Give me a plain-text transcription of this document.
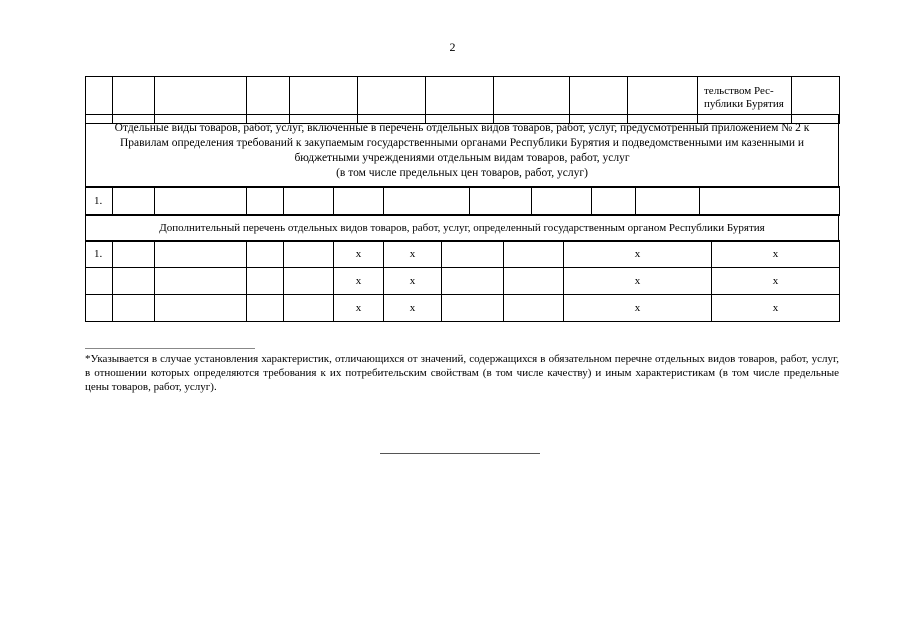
2
										тельством Рес-
публики Бурятия	
Отдельные виды товаров, работ, услуг, включенные в перечень отдельных видов товаров, работ, услуг, предусмотренный приложением № 2 к Правилам определения требований к закупаемым государственными органами Республики Бурятия и подведомственными им казенными и бюджетными учреждениями отдельным видам товаров, работ, услуг
(в том числе предельных цен товаров, работ, услуг)
1.											
Дополнительный перечень отдельных видов товаров, работ, услуг, определенный государственным органом Республики Бурятия
1.					x	x			x	x
					x	x			x	x
					x	x			x	x
*Указывается в случае установления характеристик, отличающихся от значений, содержащихся в обязательном перечне отдельных видов товаров, работ, услуг, в отношении которых определяются требования к их потребительским свойствам (в том числе качеству) и иным характеристикам (в том числе предельные цены товаров, работ, услуг).
